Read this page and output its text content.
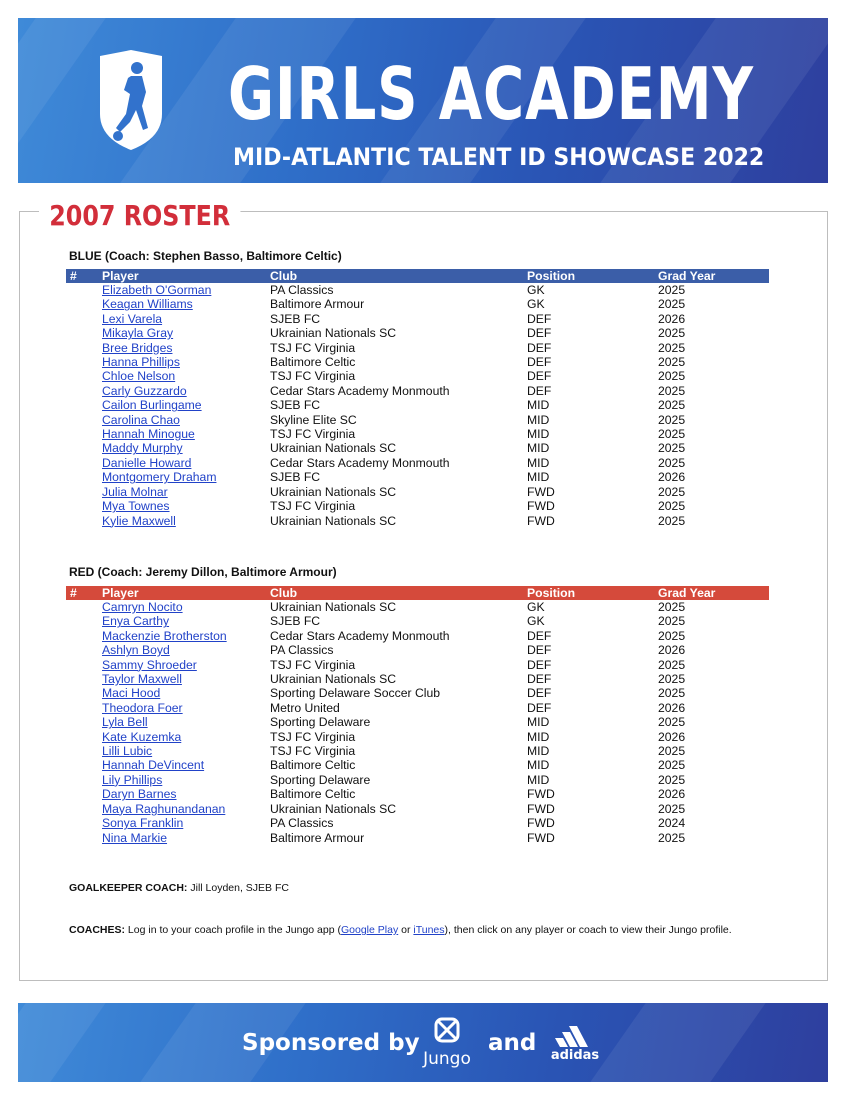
GIRLS ACADEMY
MID-ATLANTIC TALENT ID SHOWCASE 2022
2007 ROSTER

BLUE (Coach: Stephen Basso, Baltimore Celtic)

#	Player	Club	Position	Grad Year
	Elizabeth O'Gorman	PA Classics	GK	2025
	Keagan Williams	Baltimore Armour	GK	2025
	Lexi Varela	SJEB FC	DEF	2026
	Mikayla Gray	Ukrainian Nationals SC	DEF	2025
	Bree Bridges	TSJ FC Virginia	DEF	2025
	Hanna Phillips	Baltimore Celtic	DEF	2025
	Chloe Nelson	TSJ FC Virginia	DEF	2025
	Carly Guzzardo	Cedar Stars Academy Monmouth	DEF	2025
	Cailon Burlingame	SJEB FC	MID	2025
	Carolina Chao	Skyline Elite SC	MID	2025
	Hannah Minogue	TSJ FC Virginia	MID	2025
	Maddy Murphy	Ukrainian Nationals SC	MID	2025
	Danielle Howard	Cedar Stars Academy Monmouth	MID	2025
	Montgomery Draham	SJEB FC	MID	2026
	Julia Molnar	Ukrainian Nationals SC	FWD	2025
	Mya Townes	TSJ FC Virginia	FWD	2025
	Kylie Maxwell	Ukrainian Nationals SC	FWD	2025

RED (Coach: Jeremy Dillon, Baltimore Armour)

#	Player	Club	Position	Grad Year
	Camryn Nocito	Ukrainian Nationals SC	GK	2025
	Enya Carthy	SJEB FC	GK	2025
	Mackenzie Brotherston	Cedar Stars Academy Monmouth	DEF	2025
	Ashlyn Boyd	PA Classics	DEF	2026
	Sammy Shroeder	TSJ FC Virginia	DEF	2025
	Taylor Maxwell	Ukrainian Nationals SC	DEF	2025
	Maci Hood	Sporting Delaware Soccer Club	DEF	2025
	Theodora Foer	Metro United	DEF	2026
	Lyla Bell	Sporting Delaware	MID	2025
	Kate Kuzemka	TSJ FC Virginia	MID	2026
	Lilli Lubic	TSJ FC Virginia	MID	2025
	Hannah DeVincent	Baltimore Celtic	MID	2025
	Lily Phillips	Sporting Delaware	MID	2025
	Daryn Barnes	Baltimore Celtic	FWD	2026
	Maya Raghunandanan	Ukrainian Nationals SC	FWD	2025
	Sonya Franklin	PA Classics	FWD	2024
	Nina Markie	Baltimore Armour	FWD	2025

GOALKEEPER COACH: Jill Loyden, SJEB FC

COACHES: Log in to your coach profile in the Jungo app (Google Play or iTunes), then click on any player or coach to view their Jungo profile.

Sponsored by

Jungo

and	adidas
